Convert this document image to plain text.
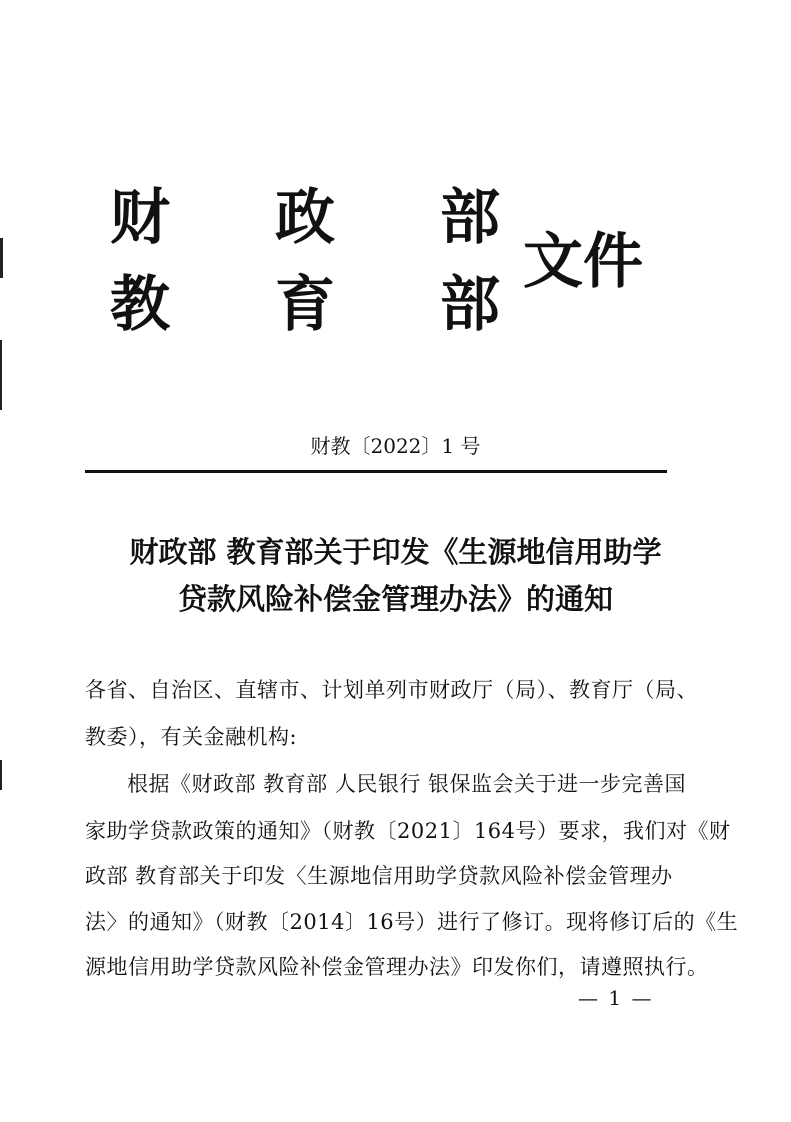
财 政 部
教 育 部
文件
财教〔2022〕1 号
财政部 教育部关于印发《生源地信用助学
贷款风险补偿金管理办法》的通知
各省、自治区、直辖市、计划单列市财政厅（局）、教育厅（局、
教委），有关金融机构:
根据《财政部 教育部 人民银行 银保监会关于进一步完善国
家助学贷款政策的通知》（财教〔2021〕164号）要求，我们对《财
政部 教育部关于印发〈生源地信用助学贷款风险补偿金管理办
法〉的通知》（财教〔2014〕16号）进行了修订。现将修订后的《生
源地信用助学贷款风险补偿金管理办法》印发你们，请遵照执行。
— 1 —
